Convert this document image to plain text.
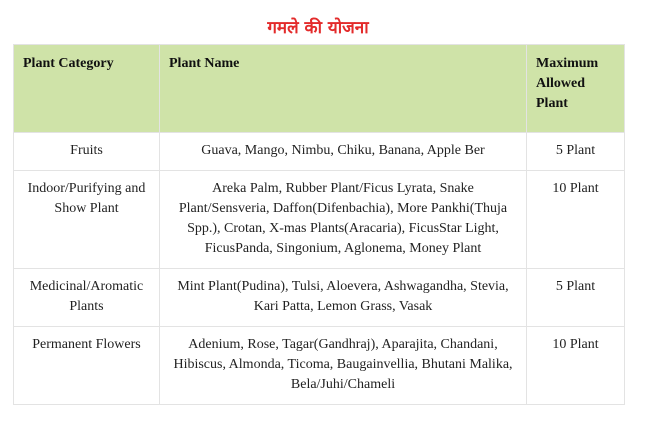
गमले की योजना
Plant Category	Plant Name	Maximum Allowed Plant
Fruits	Guava, Mango, Nimbu, Chiku, Banana, Apple Ber	5 Plant
Indoor/Purifying and Show Plant	Areka Palm, Rubber Plant/Ficus Lyrata, Snake Plant/Sensveria, Daffon(Difenbachia), More Pankhi(Thuja Spp.), Crotan, X-mas Plants(Aracaria), FicusStar Light, FicusPanda, Singonium, Aglonema, Money Plant	10 Plant
Medicinal/Aromatic Plants	Mint Plant(Pudina), Tulsi, Aloevera, Ashwagandha, Stevia, Kari Patta, Lemon Grass, Vasak	5 Plant
Permanent Flowers	Adenium, Rose, Tagar(Gandhraj), Aparajita, Chandani, Hibiscus, Almonda, Ticoma, Baugainvellia, Bhutani Malika, Bela/Juhi/Chameli	10 Plant
